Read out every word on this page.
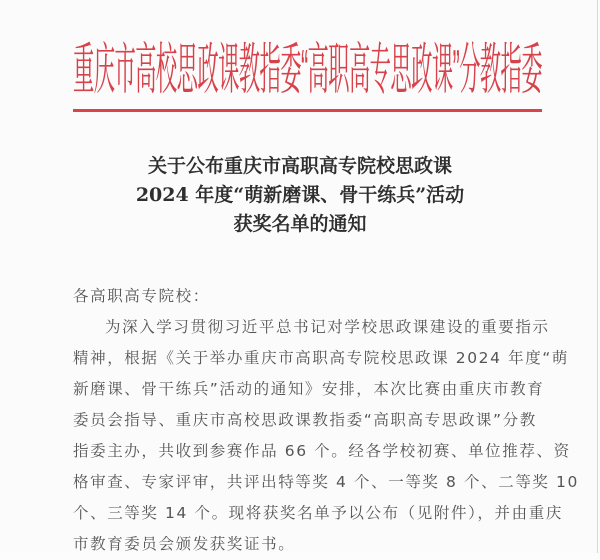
重庆市高校思政课教指委“高职高专思政课”分教指委
关于公布重庆市高职高专院校思政课
2024 年度“萌新磨课、骨干练兵”活动
获奖名单的通知
各高职高专院校：
为深入学习贯彻习近平总书记对学校思政课建设的重要指示
精神，根据《关于举办重庆市高职高专院校思政课 2024 年度“萌
新磨课、骨干练兵”活动的通知》安排，本次比赛由重庆市教育
委员会指导、重庆市高校思政课教指委“高职高专思政课”分教
指委主办，共收到参赛作品 66 个。经各学校初赛、单位推荐、资
格审查、专家评审，共评出特等奖 4 个、一等奖 8 个、二等奖 10
个、三等奖 14 个。现将获奖名单予以公布（见附件），并由重庆
市教育委员会颁发获奖证书。
